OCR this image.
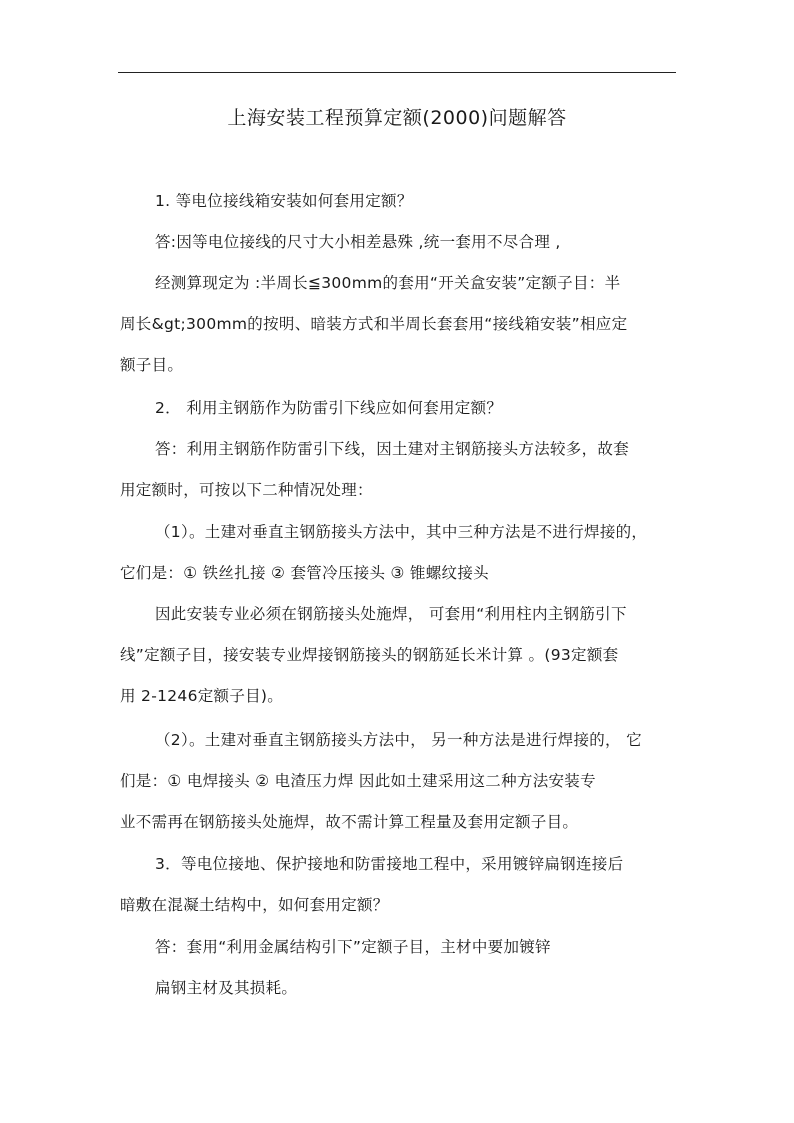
上海安装工程预算定额(2000)问题解答
1. 等电位接线箱安装如何套用定额？
答:因等电位接线的尺寸大小相差悬殊 ,统一套用不尽合理 ,
经测算现定为 :半周长≦300mm的套用“开关盒安装”定额子目：半
周长&gt;300mm的按明、暗装方式和半周长套套用“接线箱安装”相应定
额子目。
2． 利用主钢筋作为防雷引下线应如何套用定额？
答：利用主钢筋作防雷引下线，因土建对主钢筋接头方法较多，故套
用定额时，可按以下二种情况处理：
（1）。土建对垂直主钢筋接头方法中，其中三种方法是不进行焊接的，
它们是：① 铁丝扎接 ② 套管冷压接头 ③ 锥螺纹接头
因此安装专业必须在钢筋接头处施焊， 可套用“利用柱内主钢筋引下
线”定额子目，接安装专业焊接钢筋接头的钢筋延长米计算 。(93定额套
用 2-1246定额子目)。
（2）。土建对垂直主钢筋接头方法中， 另一种方法是进行焊接的， 它
们是：① 电焊接头 ② 电渣压力焊 因此如土建采用这二种方法安装专
业不需再在钢筋接头处施焊，故不需计算工程量及套用定额子目。
3．等电位接地、保护接地和防雷接地工程中，采用镀锌扁钢连接后
暗敷在混凝土结构中，如何套用定额？
答：套用“利用金属结构引下”定额子目，主材中要加镀锌
扁钢主材及其损耗。
